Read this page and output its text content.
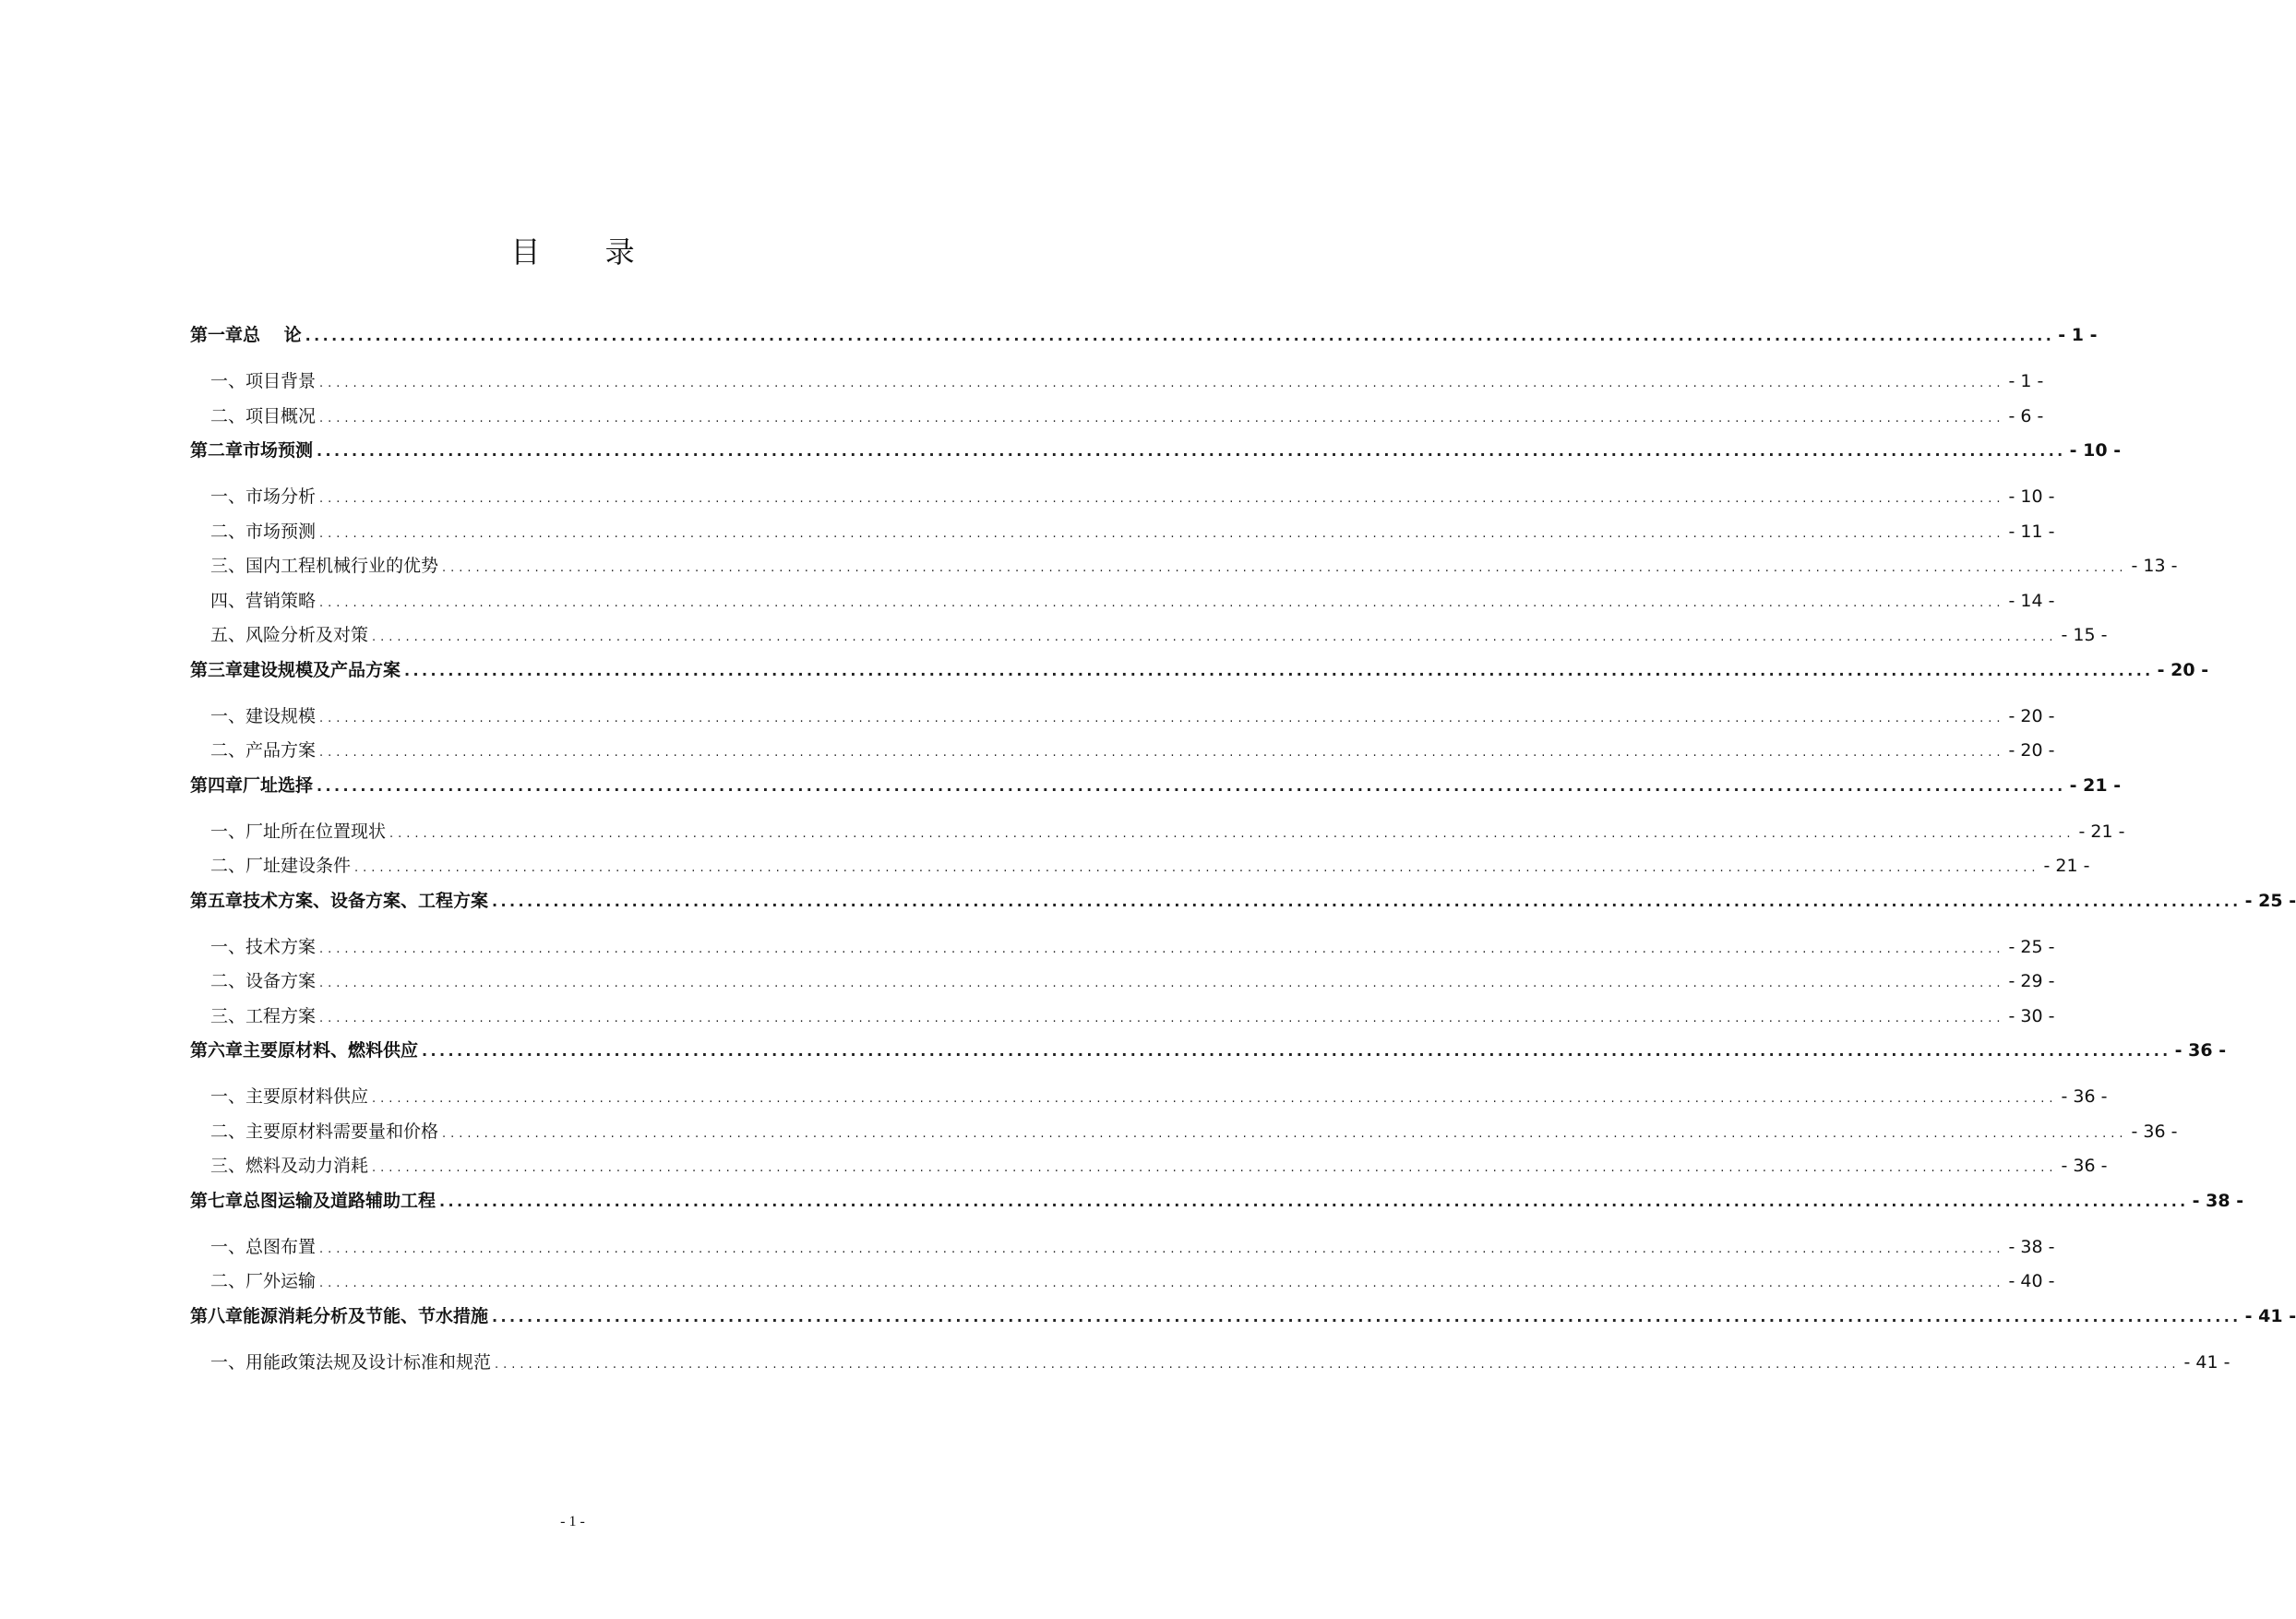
目 录
第一章 总　 论 ........................................................................................................................................................................................................ - 1 -
一、项目背景 ........................................................................................................................................................................................................ - 1 -
二、项目概况 ........................................................................................................................................................................................................ - 6 -
第二章 市场预测 ........................................................................................................................................................................................................ - 10 -
一、市场分析 ........................................................................................................................................................................................................ - 10 -
二、市场预测 ........................................................................................................................................................................................................ - 11 -
三、国内工程机械行业的优势 ........................................................................................................................................................................................................ - 13 -
四、营销策略 ........................................................................................................................................................................................................ - 14 -
五、风险分析及对策 ........................................................................................................................................................................................................ - 15 -
第三章 建设规模及产品方案 ........................................................................................................................................................................................................ - 20 -
一、建设规模 ........................................................................................................................................................................................................ - 20 -
二、产品方案 ........................................................................................................................................................................................................ - 20 -
第四章 厂址选择 ........................................................................................................................................................................................................ - 21 -
一、厂址所在位置现状 ........................................................................................................................................................................................................ - 21 -
二、厂址建设条件 ........................................................................................................................................................................................................ - 21 -
第五章 技术方案、设备方案、工程方案 ........................................................................................................................................................................................................ - 25 -
一、技术方案 ........................................................................................................................................................................................................ - 25 -
二、设备方案 ........................................................................................................................................................................................................ - 29 -
三、工程方案 ........................................................................................................................................................................................................ - 30 -
第六章 主要原材料、燃料供应 ........................................................................................................................................................................................................ - 36 -
一、主要原材料供应 ........................................................................................................................................................................................................ - 36 -
二、主要原材料需要量和价格 ........................................................................................................................................................................................................ - 36 -
三、燃料及动力消耗 ........................................................................................................................................................................................................ - 36 -
第七章 总图运输及道路辅助工程 ........................................................................................................................................................................................................ - 38 -
一、总图布置 ........................................................................................................................................................................................................ - 38 -
二、厂外运输 ........................................................................................................................................................................................................ - 40 -
第八章 能源消耗分析及节能、节水措施 ........................................................................................................................................................................................................ - 41 -
一、用能政策法规及设计标准和规范 ........................................................................................................................................................................................................ - 41 -
- 1 -
